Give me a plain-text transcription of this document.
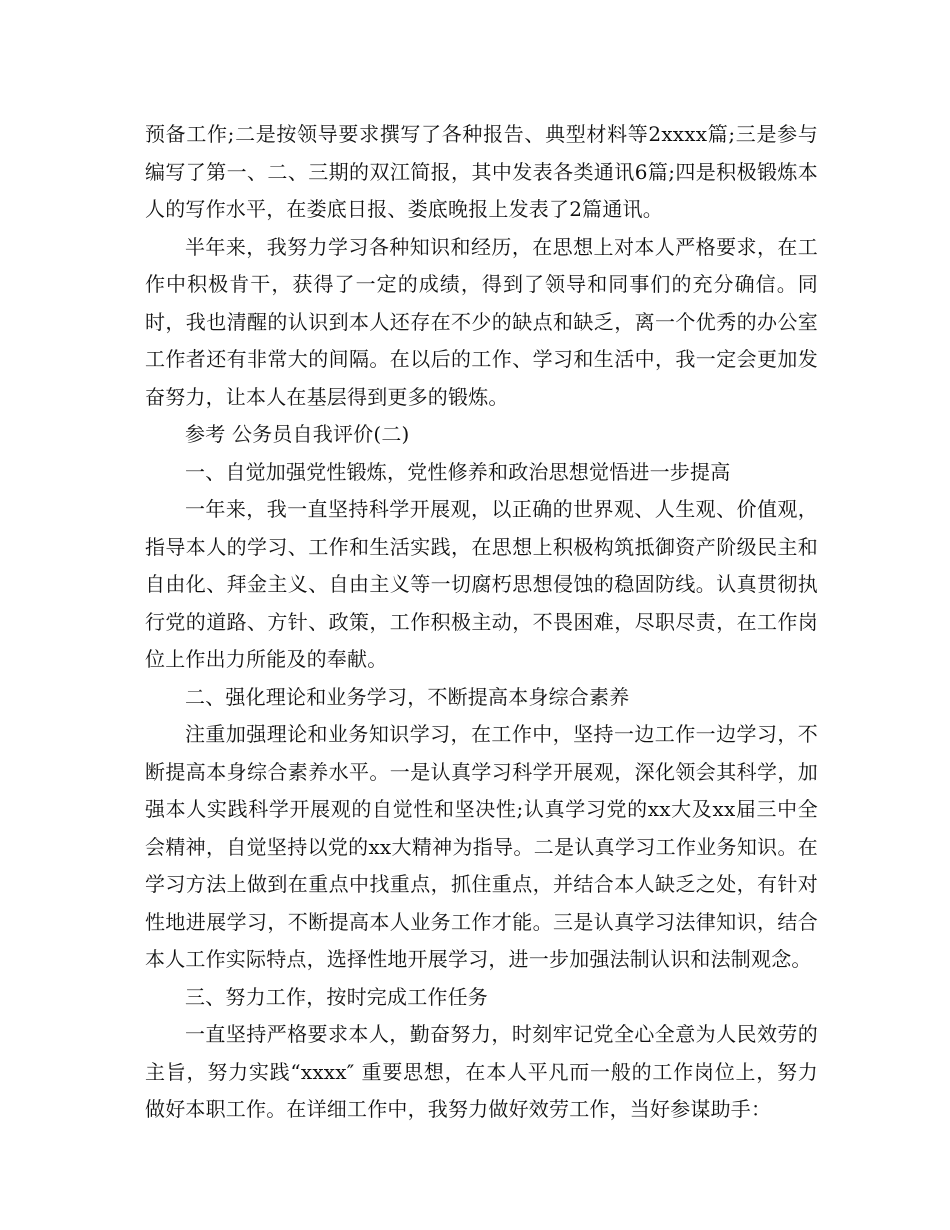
预备工作;二是按领导要求撰写了各种报告、典型材料等2xxxx篇;三是参与编写了第一、二、三期的双江简报，其中发表各类通讯6篇;四是积极锻炼本人的写作水平，在娄底日报、娄底晚报上发表了2篇通讯。

半年来，我努力学习各种知识和经历，在思想上对本人严格要求，在工作中积极肯干，获得了一定的成绩，得到了领导和同事们的充分确信。同时，我也清醒的认识到本人还存在不少的缺点和缺乏，离一个优秀的办公室工作者还有非常大的间隔。在以后的工作、学习和生活中，我一定会更加发奋努力，让本人在基层得到更多的锻炼。

参考 公务员自我评价(二)

一、自觉加强党性锻炼，党性修养和政治思想觉悟进一步提高

一年来，我一直坚持科学开展观，以正确的世界观、人生观、价值观，指导本人的学习、工作和生活实践，在思想上积极构筑抵御资产阶级民主和自由化、拜金主义、自由主义等一切腐朽思想侵蚀的稳固防线。认真贯彻执行党的道路、方针、政策，工作积极主动，不畏困难，尽职尽责，在工作岗位上作出力所能及的奉献。

二、强化理论和业务学习，不断提高本身综合素养

注重加强理论和业务知识学习，在工作中，坚持一边工作一边学习，不断提高本身综合素养水平。一是认真学习科学开展观，深化领会其科学，加强本人实践科学开展观的自觉性和坚决性;认真学习党的xx大及xx届三中全会精神，自觉坚持以党的xx大精神为指导。二是认真学习工作业务知识。在学习方法上做到在重点中找重点，抓住重点，并结合本人缺乏之处，有针对性地进展学习，不断提高本人业务工作才能。三是认真学习法律知识，结合本人工作实际特点，选择性地开展学习，进一步加强法制认识和法制观念。

三、努力工作，按时完成工作任务

一直坚持严格要求本人，勤奋努力，时刻牢记党全心全意为人民效劳的主旨，努力实践“xxxx″ 重要思想，在本人平凡而一般的工作岗位上，努力做好本职工作。在详细工作中，我努力做好效劳工作，当好参谋助手：
